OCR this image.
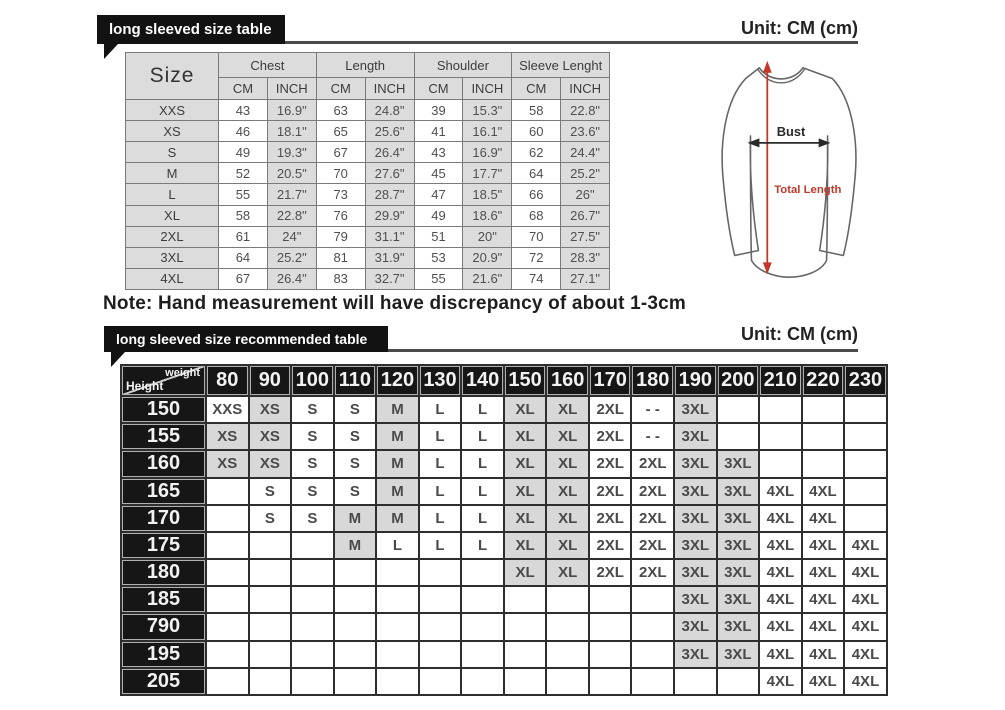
long sleeved size table	Unit: CM (cm)
Size	Chest		Length		Shoulder		Sleeve Lenght	
	CM	INCH	CM	INCH	CM	INCH	CM	INCH
XXS	43	16.9"	63	24.8"	39	15.3"	58	22.8"
XS	46	18.1"	65	25.6"	41	16.1"	60	23.6"
S	49	19.3"	67	26.4"	43	16.9"	62	24.4"
M	52	20.5"	70	27.6"	45	17.7"	64	25.2"
L	55	21.7"	73	28.7"	47	18.5"	66	26"
XL	58	22.8"	76	29.9"	49	18.6"	68	26.7"
2XL	61	24"	79	31.1"	51	20"	70	27.5"
3XL	64	25.2"	81	31.9"	53	20.9"	72	28.3"
4XL	67	26.4"	83	32.7"	55	21.6"	74	27.1"
Bust
Total Length
Note: Hand measurement will have discrepancy of about 1-3cm
long sleeved size recommended table	Unit: CM (cm)
weight
Height	80	90	100	110	120	130	140	150	160	170	180	190	200	210	220	230
150	XXS	XS	S	S	M	L	L	XL	XL	2XL	- -	3XL				
155	XS	XS	S	S	M	L	L	XL	XL	2XL	- -	3XL				
160	XS	XS	S	S	M	L	L	XL	XL	2XL	2XL	3XL	3XL			
165		S	S	S	M	L	L	XL	XL	2XL	2XL	3XL	3XL	4XL	4XL	
170		S	S	M	M	L	L	XL	XL	2XL	2XL	3XL	3XL	4XL	4XL	
175				M	L	L	L	XL	XL	2XL	2XL	3XL	3XL	4XL	4XL	4XL
180								XL	XL	2XL	2XL	3XL	3XL	4XL	4XL	4XL
185												3XL	3XL	4XL	4XL	4XL
790												3XL	3XL	4XL	4XL	4XL
195												3XL	3XL	4XL	4XL	4XL
205														4XL	4XL	4XL
